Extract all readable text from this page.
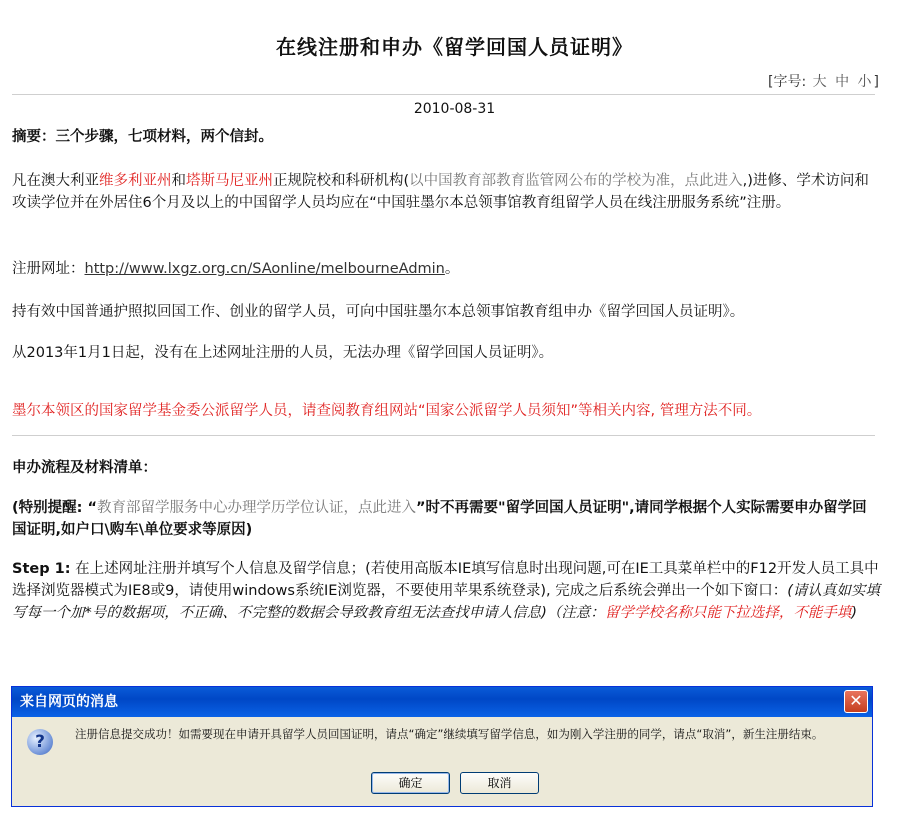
在线注册和申办《留学回国人员证明》
[字号: 大 中 小 ]
2010-08-31
摘要：三个步骤，七项材料，两个信封。
凡在澳大利亚维多利亚州和塔斯马尼亚州正规院校和科研机构(以中国教育部教育监管网公布的学校为准，点此进入,)进修、学术访问和攻读学位并在外居住6个月及以上的中国留学人员均应在“中国驻墨尔本总领事馆教育组留学人员在线注册服务系统”注册。
注册网址：http://www.lxgz.org.cn/SAonline/melbourneAdmin。
持有效中国普通护照拟回国工作、创业的留学人员，可向中国驻墨尔本总领事馆教育组申办《留学回国人员证明》。
从2013年1月1日起，没有在上述网址注册的人员，无法办理《留学回国人员证明》。
墨尔本领区的国家留学基金委公派留学人员，请查阅教育组网站“国家公派留学人员须知”等相关内容, 管理方法不同。
申办流程及材料清单：
(特别提醒: “教育部留学服务中心办理学历学位认证，点此进入”时不再需要"留学回国人员证明",请同学根据个人实际需要申办留学回国证明,如户口\购车\单位要求等原因)
Step 1: 在上述网址注册并填写个人信息及留学信息；(若使用高版本IE填写信息时出现问题,可在IE工具菜单栏中的F12开发人员工具中选择浏览器模式为IE8或9，请使用windows系统IE浏览器，不要使用苹果系统登录), 完成之后系统会弹出一个如下窗口：(请认真如实填写每一个加*号的数据项，不正确、不完整的数据会导致教育组无法查找申请人信息)（注意：留学学校名称只能下拉选择，不能手填)
来自网页的消息	✕
?	注册信息提交成功！如需要现在申请开具留学人员回国证明，请点“确定”继续填写留学信息，如为刚入学注册的同学，请点“取消”，新生注册结束。
确定	取消
